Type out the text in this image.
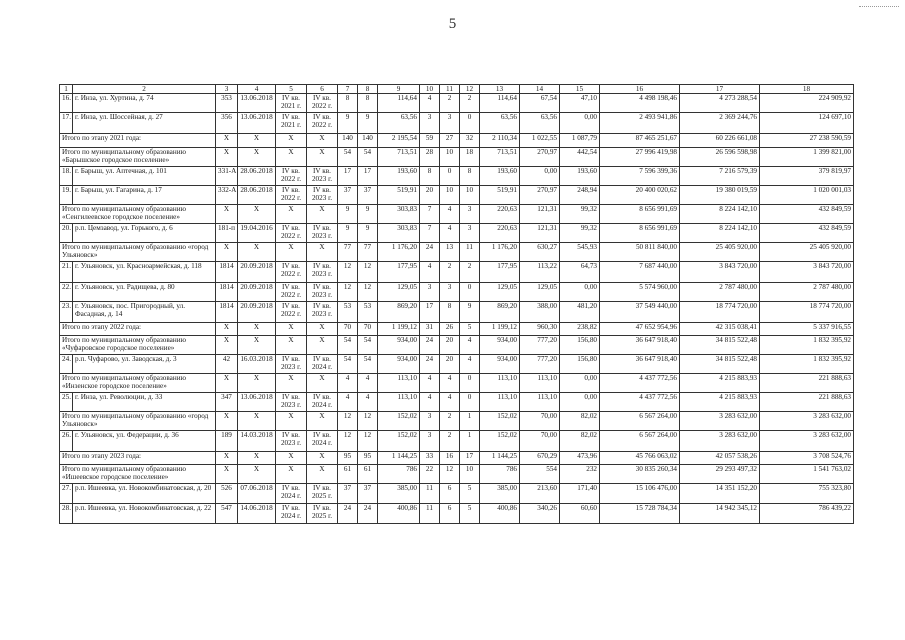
5
1	2	3	4	5	6	7	8	9	10	11	12	13	14	15	16	17	18
16.	г. Инза, ул. Хуртина, д. 74	353	13.06.2018	IV кв. 2021 г.	IV кв. 2022 г.	8	8	114,64	4	2	2	114,64	67,54	47,10	4 498 198,46	4 273 288,54	224 909,92
17.	г. Инза, ул. Шоссейная, д. 27	356	13.06.2018	IV кв. 2021 г.	IV кв. 2022 г.	9	9	63,56	3	3	0	63,56	63,56	0,00	2 493 941,86	2 369 244,76	124 697,10
Итого по этапу 2021 года:		X	X	X	X	140	140	2 195,54	59	27	32	2 110,34	1 022,55	1 087,79	87 465 251,67	60 226 661,08	27 238 590,59
Итого по муниципальному образованию «Барышское городское поселение»		X	X	X	X	54	54	713,51	28	10	18	713,51	270,97	442,54	27 996 419,98	26 596 598,98	1 399 821,00
18.	г. Барыш, ул. Аптечная, д. 101	331-А	28.06.2018	IV кв. 2022 г.	IV кв. 2023 г.	17	17	193,60	8	0	8	193,60	0,00	193,60	7 596 399,36	7 216 579,39	379 819,97
19.	г. Барыш, ул. Гагарина, д. 17	332-А	28.06.2018	IV кв. 2022 г.	IV кв. 2023 г.	37	37	519,91	20	10	10	519,91	270,97	248,94	20 400 020,62	19 380 019,59	1 020 001,03
Итого по муниципальному образованию «Сенгилеевское городское поселение»		X	X	X	X	9	9	303,83	7	4	3	220,63	121,31	99,32	8 656 991,69	8 224 142,10	432 849,59
20.	р.п. Цемзавод, ул. Горького, д. 6	181-п	19.04.2016	IV кв. 2022 г.	IV кв. 2023 г.	9	9	303,83	7	4	3	220,63	121,31	99,32	8 656 991,69	8 224 142,10	432 849,59
Итого по муниципальному образованию «город Ульяновск»		X	X	X	X	77	77	1 176,20	24	13	11	1 176,20	630,27	545,93	50 811 840,00	25 405 920,00	25 405 920,00
21.	г. Ульяновск, ул. Красноармейская, д. 118	1814	20.09.2018	IV кв. 2022 г.	IV кв. 2023 г.	12	12	177,95	4	2	2	177,95	113,22	64,73	7 687 440,00	3 843 720,00	3 843 720,00
22.	г. Ульяновск, ул. Радищева, д. 80	1814	20.09.2018	IV кв. 2022 г.	IV кв. 2023 г.	12	12	129,05	3	3	0	129,05	129,05	0,00	5 574 960,00	2 787 480,00	2 787 480,00
23.	г. Ульяновск, пос. Пригородный, ул. Фасадная, д. 14	1814	20.09.2018	IV кв. 2022 г.	IV кв. 2023 г.	53	53	869,20	17	8	9	869,20	388,00	481,20	37 549 440,00	18 774 720,00	18 774 720,00
Итого по этапу 2022 года:		X	X	X	X	70	70	1 199,12	31	26	5	1 199,12	960,30	238,82	47 652 954,96	42 315 038,41	5 337 916,55
Итого по муниципальному образованию «Чуфаровское городское поселение»		X	X	X	X	54	54	934,00	24	20	4	934,00	777,20	156,80	36 647 918,40	34 815 522,48	1 832 395,92
24.	р.п. Чуфарово, ул. Заводская, д. 3	42	16.03.2018	IV кв. 2023 г.	IV кв. 2024 г.	54	54	934,00	24	20	4	934,00	777,20	156,80	36 647 918,40	34 815 522,48	1 832 395,92
Итого по муниципальному образованию «Инзенское городское поселение»		X	X	X	X	4	4	113,10	4	4	0	113,10	113,10	0,00	4 437 772,56	4 215 883,93	221 888,63
25.	г. Инза, ул. Революции, д. 33	347	13.06.2018	IV кв. 2023 г.	IV кв. 2024 г.	4	4	113,10	4	4	0	113,10	113,10	0,00	4 437 772,56	4 215 883,93	221 888,63
Итого по муниципальному образованию «город Ульяновск»		X	X	X	X	12	12	152,02	3	2	1	152,02	70,00	82,02	6 567 264,00	3 283 632,00	3 283 632,00
26.	г. Ульяновск, ул. Федерации, д. 36	189	14.03.2018	IV кв. 2023 г.	IV кв. 2024 г.	12	12	152,02	3	2	1	152,02	70,00	82,02	6 567 264,00	3 283 632,00	3 283 632,00
Итого по этапу 2023 года:		X	X	X	X	95	95	1 144,25	33	16	17	1 144,25	670,29	473,96	45 766 063,02	42 057 538,26	3 708 524,76
Итого по муниципальному образованию «Ишеевское городское поселение»		X	X	X	X	61	61	786	22	12	10	786	554	232	30 835 260,34	29 293 497,32	1 541 763,02
27.	р.п. Ишеевка, ул. Новокомбинатовская, д. 20	526	07.06.2018	IV кв. 2024 г.	IV кв. 2025 г.	37	37	385,00	11	6	5	385,00	213,60	171,40	15 106 476,00	14 351 152,20	755 323,80
28.	р.п. Ишеевка, ул. Новокомбинатовская, д. 22	547	14.06.2018	IV кв. 2024 г.	IV кв. 2025 г.	24	24	400,86	11	6	5	400,86	340,26	60,60	15 728 784,34	14 942 345,12	786 439,22
